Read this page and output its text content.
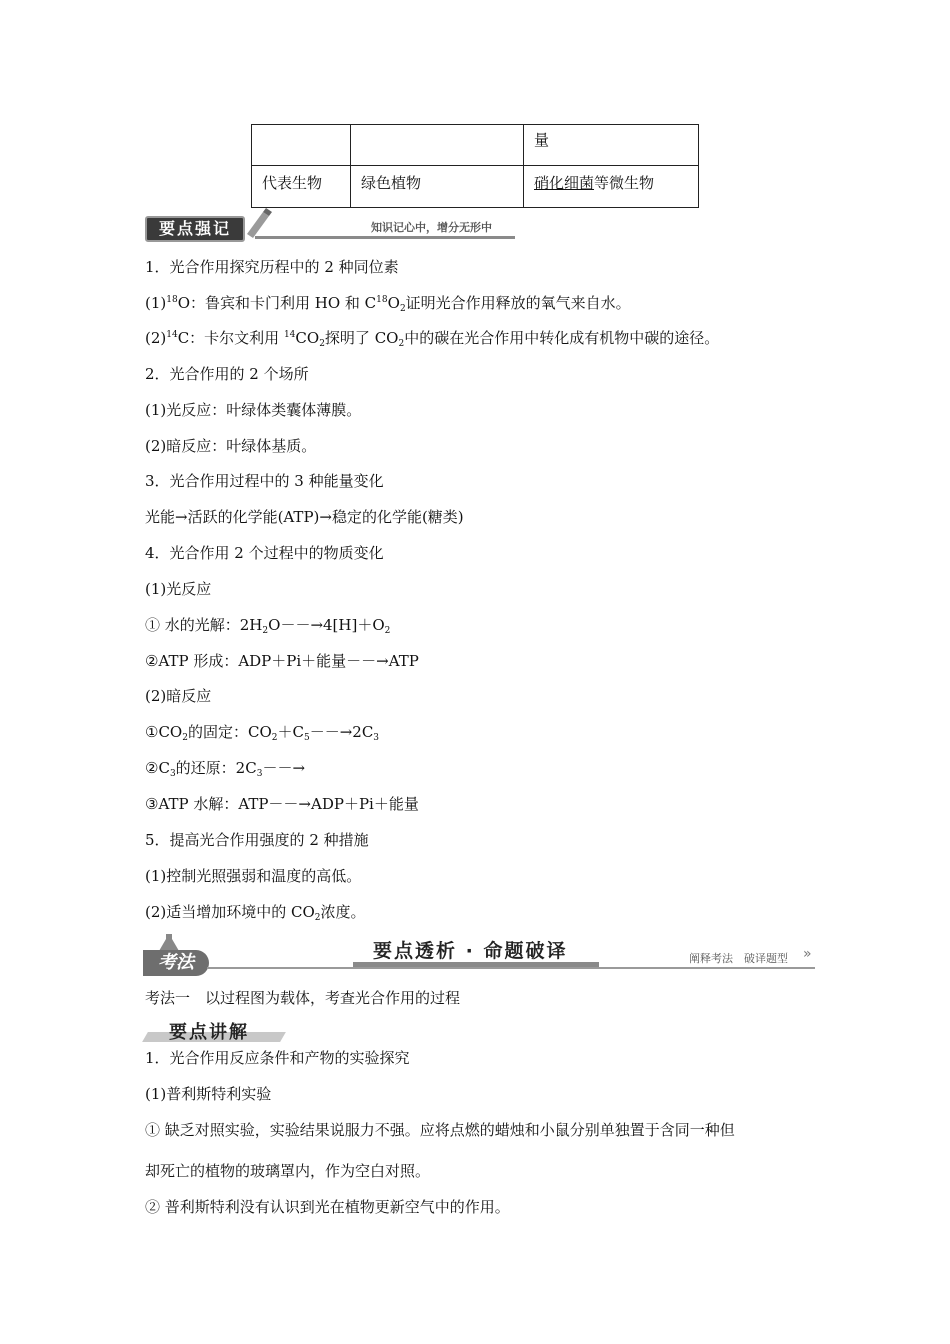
		量
代表生物	绿色植物	硝化细菌等微生物
要点强记	知识记心中，增分无形中
1．光合作用探究历程中的 2 种同位素
$(1)^{18}O$：鲁宾和卡门利用 HO 和 $C^{18}O_2$证明光合作用释放的氧气来自水。
$(2)^{14}C$：卡尔文利用 $^{14}CO_2$探明了 $CO_2$中的碳在光合作用中转化成有机物中碳的途径。
2．光合作用的 2 个场所
(1)光反应：叶绿体类囊体薄膜。
(2)暗反应：叶绿体基质。
3．光合作用过程中的 3 种能量变化
光能→活跃的化学能(ATP)→稳定的化学能(糖类)
4．光合作用 2 个过程中的物质变化
(1)光反应
① 水的光解：$2H_2O--\to 4[H]+O_2$
②ATP 形成：ADP＋Pi＋能量－－→ATP
(2)暗反应
$①CO_2$的固定：$CO_2+C_5--\to 2C_3$
$②C_3$的还原：$2C_3--\to$
③ATP 水解：ATP－－→ADP＋Pi＋能量
5．提高光合作用强度的 2 种措施
(1)控制光照强弱和温度的高低。
(2)适当增加环境中的 $CO_2$浓度。
考法
要点透析 · 命题破译	阐释考法　破译题型 »
考法一　以过程图为载体，考查光合作用的过程
要点讲解
1．光合作用反应条件和产物的实验探究
(1)普利斯特利实验
① 缺乏对照实验，实验结果说服力不强。应将点燃的蜡烛和小鼠分别单独置于含同一种但
却死亡的植物的玻璃罩内，作为空白对照。
② 普利斯特利没有认识到光在植物更新空气中的作用。
